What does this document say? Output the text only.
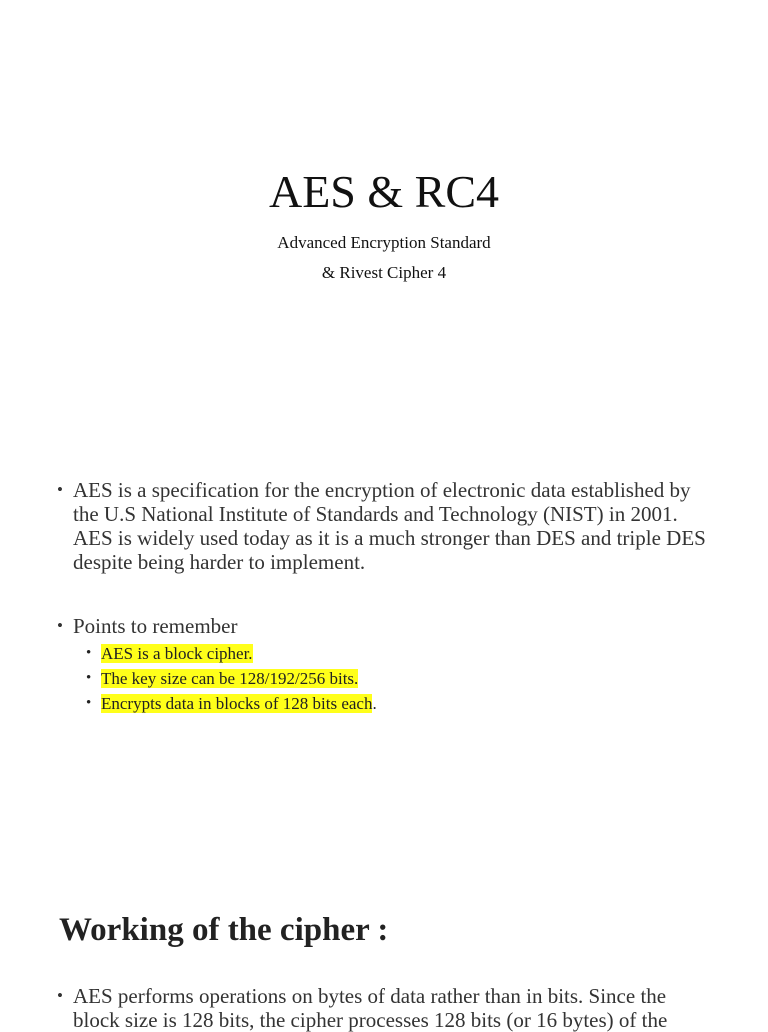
AES & RC4
Advanced Encryption Standard
& Rivest Cipher 4
• AES is a specification for the encryption of electronic data established by the U.S National Institute of Standards and Technology (NIST) in 2001. AES is widely used today as it is a much stronger than DES and triple DES despite being harder to implement.
• Points to remember
• AES is a block cipher.
• The key size can be 128/192/256 bits.
• Encrypts data in blocks of 128 bits each.
Working of the cipher :
• AES performs operations on bytes of data rather than in bits. Since the block size is 128 bits, the cipher processes 128 bits (or 16 bytes) of the
